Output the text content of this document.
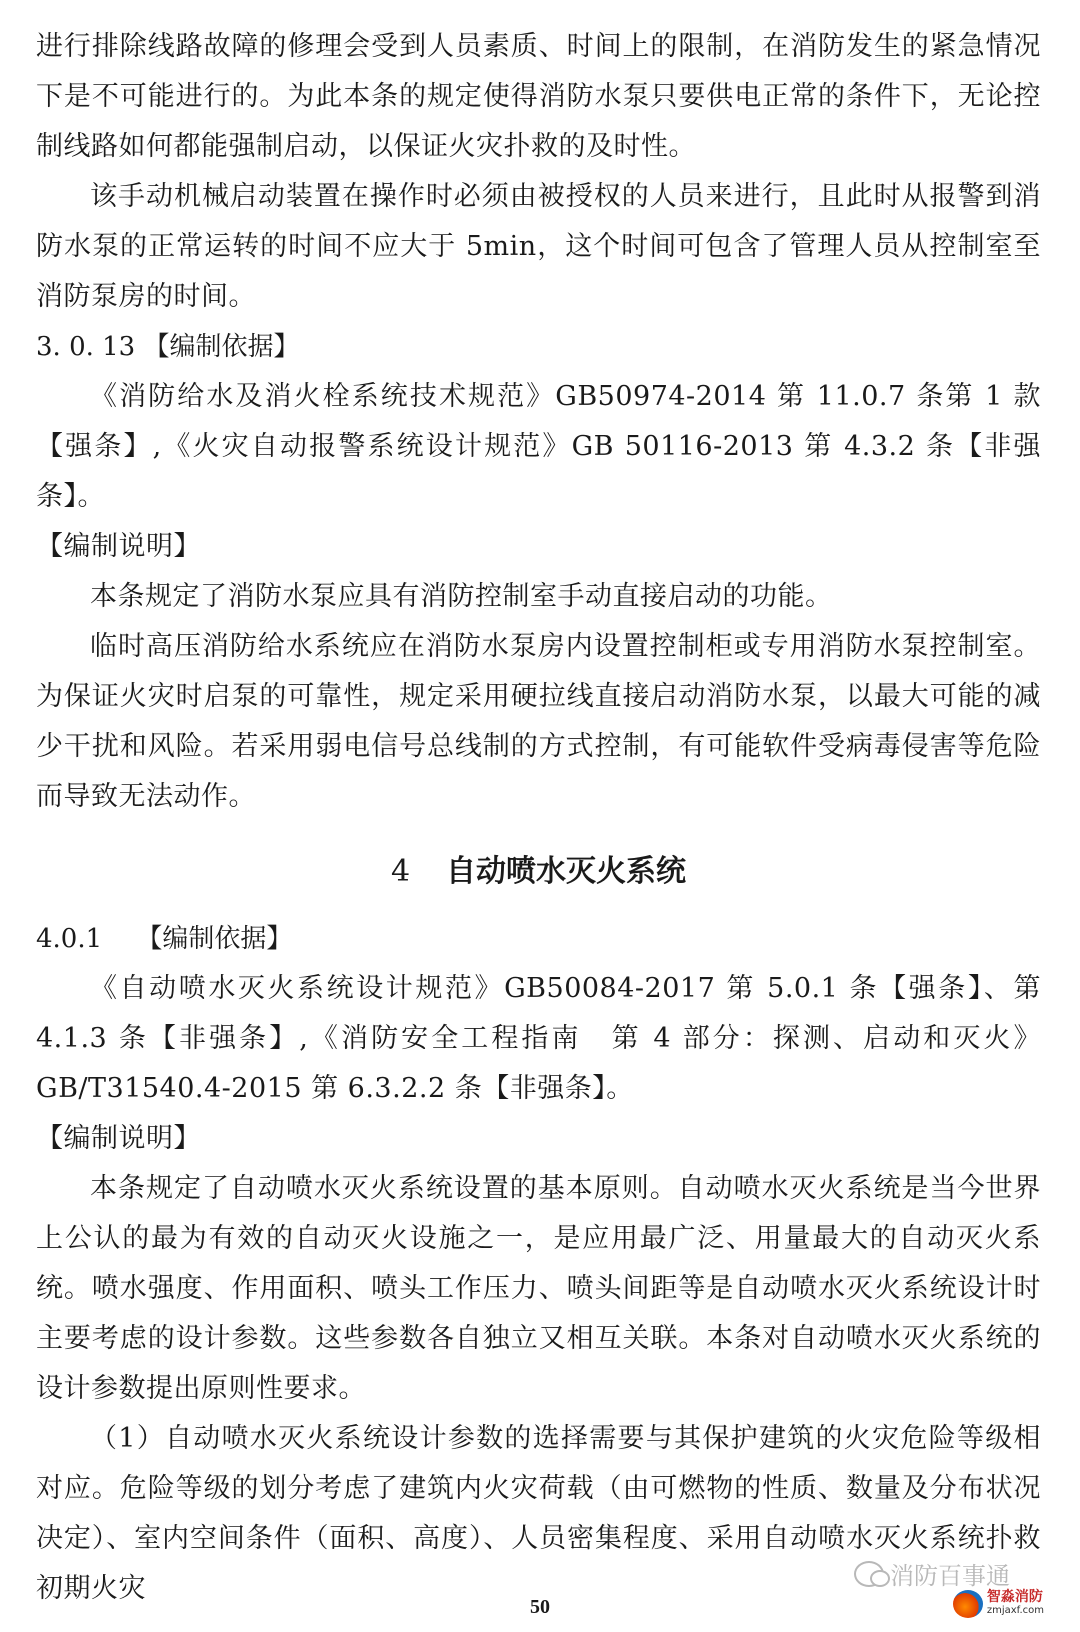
进行排除线路故障的修理会受到人员素质、时间上的限制，在消防发生的紧急情况下是不可能进行的。为此本条的规定使得消防水泵只要供电正常的条件下，无论控制线路如何都能强制启动，以保证火灾扑救的及时性。

该手动机械启动装置在操作时必须由被授权的人员来进行，且此时从报警到消防水泵的正常运转的时间不应大于 5min，这个时间可包含了管理人员从控制室至消防泵房的时间。

3. 0. 13 【编制依据】

《消防给水及消火栓系统技术规范》GB50974-2014 第 11.0.7 条第 1 款【强条】,《火灾自动报警系统设计规范》GB 50116-2013 第 4.3.2 条【非强条】。

【编制说明】

本条规定了消防水泵应具有消防控制室手动直接启动的功能。

临时高压消防给水系统应在消防水泵房内设置控制柜或专用消防水泵控制室。为保证火灾时启泵的可靠性，规定采用硬拉线直接启动消防水泵，以最大可能的减少干扰和风险。若采用弱电信号总线制的方式控制，有可能软件受病毒侵害等危险而导致无法动作。

4 自动喷水灭火系统

4.0.1　 【编制依据】

《自动喷水灭火系统设计规范》GB50084-2017 第 5.0.1 条【强条】、第 4.1.3 条【非强条】,《消防安全工程指南　第 4 部分：探测、启动和灭火》GB/T31540.4-2015 第 6.3.2.2 条【非强条】。

【编制说明】

本条规定了自动喷水灭火系统设置的基本原则。自动喷水灭火系统是当今世界上公认的最为有效的自动灭火设施之一，是应用最广泛、用量最大的自动灭火系统。喷水强度、作用面积、喷头工作压力、喷头间距等是自动喷水灭火系统设计时主要考虑的设计参数。这些参数各自独立又相互关联。本条对自动喷水灭火系统的设计参数提出原则性要求。

（1）自动喷水灭火系统设计参数的选择需要与其保护建筑的火灾危险等级相对应。危险等级的划分考虑了建筑内火灾荷载（由可燃物的性质、数量及分布状况决定）、室内空间条件（面积、高度）、人员密集程度、采用自动喷水灭火系统扑救初期火灾	消防百事通
50	智淼消防
zmjaxf.com
